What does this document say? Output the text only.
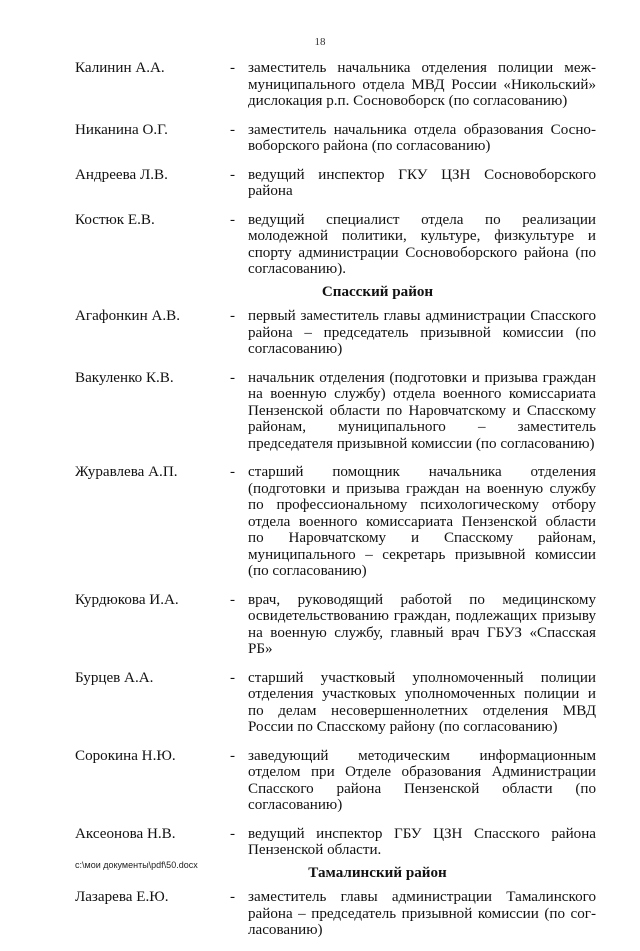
18
Калинин А.А.	- заместитель начальника отделения полиции межмуниципального отдела МВД России «Никольский» дислокация р.п. Сосновоборск (по согласованию)
Никанина О.Г.	- заместитель начальника отдела образования Сосновоборского района (по согласованию)
Андреева Л.В.	- ведущий инспектор ГКУ ЦЗН Сосновоборского района
Костюк Е.В.	- ведущий специалист отдела по реализации молодежной политики, культуре, физкультуре и спорту администрации Сосновоборского района (по согласованию).
Спасский район
Агафонкин А.В.	- первый заместитель главы администрации Спасского района – председатель призывной комиссии (по согласованию)
Вакуленко К.В.	- начальник отделения (подготовки и призыва граждан на военную службу) отдела военного комиссариата Пензенской области по Наровчатскому и Спасскому районам, муниципального – заместитель председателя призывной комиссии (по согласованию)
Журавлева А.П.	- старший помощник начальника отделения (подготовки и призыва граждан на военную службу по профессиональному психологическому отбору отдела военного комиссариата Пензенской области по Наровчатскому и Спасскому районам, муниципального – секретарь призывной комиссии (по согласованию)
Курдюкова И.А.	- врач, руководящий работой по медицинскому освидетельствованию граждан, подлежащих призыву на военную службу, главный врач ГБУЗ «Спасская РБ»
Бурцев А.А.	- старший участковый уполномоченный полиции отделения участковых уполномоченных полиции и по делам несовершеннолетних отделения МВД России по Спасскому району (по согласованию)
Сорокина Н.Ю.	- заведующий методическим информационным отделом при Отделе образования Администрации Спасского района Пензенской области (по согласованию)
Аксеонова Н.В.	- ведущий инспектор ГБУ ЦЗН Спасского района Пензенской области.
Тамалинский район
Лазарева Е.Ю.	- заместитель главы администрации Тамалинского района – председатель призывной комиссии (по согласованию)
c:\мои документы\pdf\50.docx
